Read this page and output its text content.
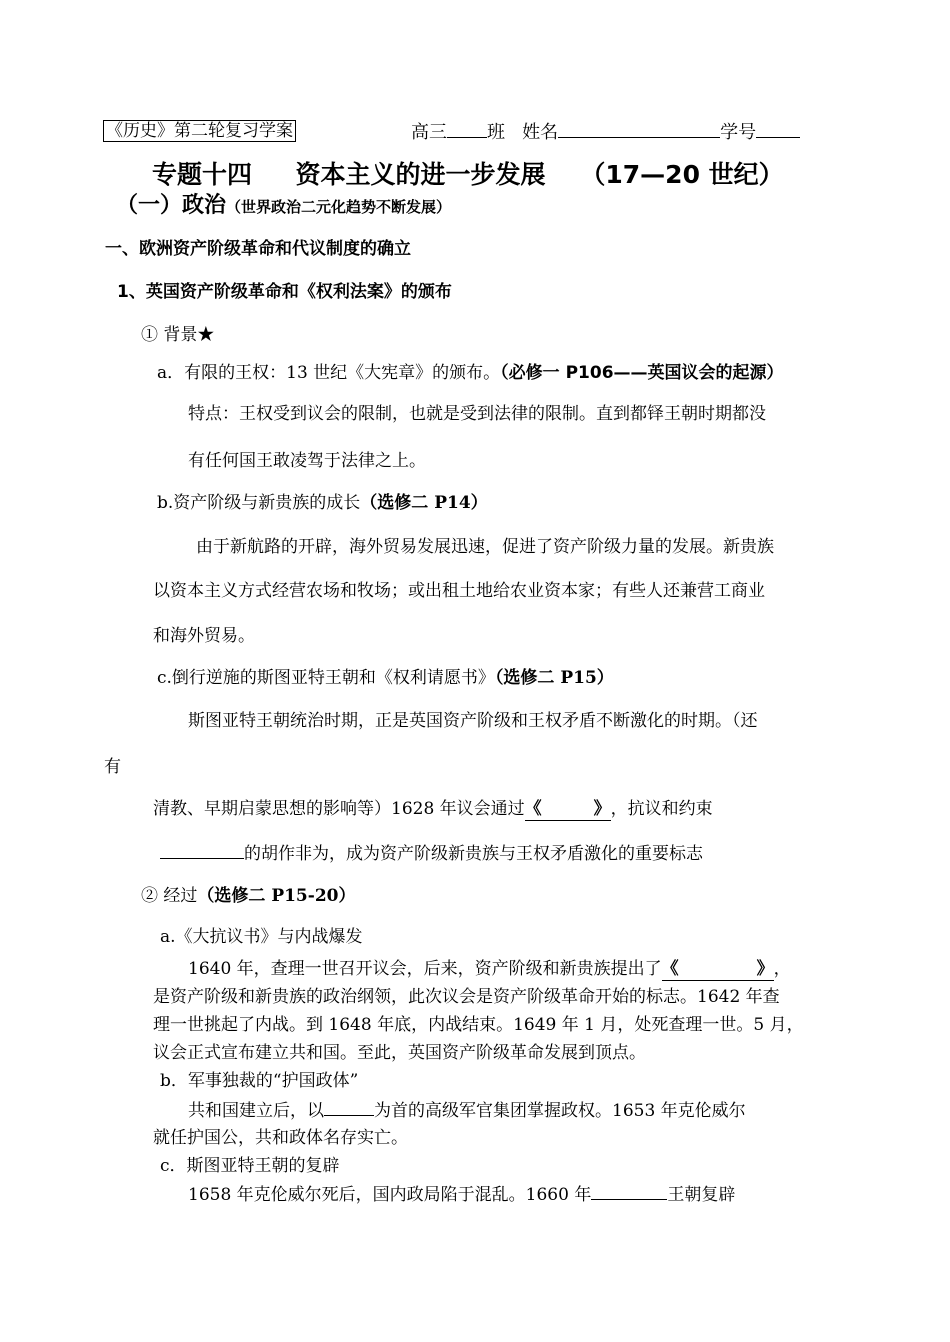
《历史》第二轮复习学案	高三 班 姓名	学号
专题十四 资本主义的进一步发展 （17—20 世纪）
（一）政治（世界政治二元化趋势不断发展）
一、欧洲资产阶级革命和代议制度的确立
1、英国资产阶级革命和《权利法案》的颁布
① 背景★
a．有限的王权：13 世纪《大宪章》的颁布。（必修一 P106——英国议会的起源）
特点：王权受到议会的限制，也就是受到法律的限制。直到都铎王朝时期都没
有任何国王敢凌驾于法律之上。
b.资产阶级与新贵族的成长（选修二 P14）
由于新航路的开辟，海外贸易发展迅速，促进了资产阶级力量的发展。新贵族
以资本主义方式经营农场和牧场；或出租土地给农业资本家；有些人还兼营工商业
和海外贸易。
c.倒行逆施的斯图亚特王朝和《权利请愿书》（选修二 P15）
斯图亚特王朝统治时期，正是英国资产阶级和王权矛盾不断激化的时期。（还
有
清教、早期启蒙思想的影响等）1628 年议会通过《	》 ，抗议和约束
的胡作非为，成为资产阶级新贵族与王权矛盾激化的重要标志
② 经过（选修二 P15-20）
a.《大抗议书》与内战爆发
1640 年，查理一世召开议会，后来，资产阶级和新贵族提出了《	》 ，
是资产阶级和新贵族的政治纲领，此次议会是资产阶级革命开始的标志。1642 年查
理一世挑起了内战。到 1648 年底，内战结束。1649 年 1 月，处死查理一世。5 月，
议会正式宣布建立共和国。至此，英国资产阶级革命发展到顶点。
b．军事独裁的“护国政体”
共和国建立后，以	为首的高级军官集团掌握政权。1653 年克伦威尔
就任护国公，共和政体名存实亡。
c．斯图亚特王朝的复辟
1658 年克伦威尔死后，国内政局陷于混乱。1660 年	王朝复辟
